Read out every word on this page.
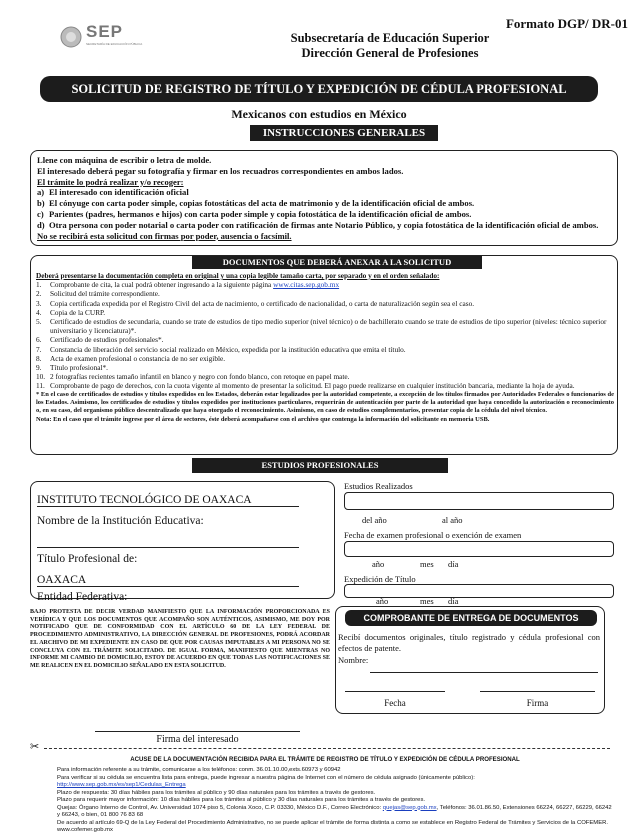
SEP
SECRETARÍA DE EDUCACIÓN PÚBLICA
Formato DGP/ DR-01
Subsecretaría de Educación Superior
Dirección General de Profesiones
SOLICITUD DE REGISTRO DE TÍTULO Y EXPEDICIÓN DE CÉDULA PROFESIONAL
Mexicanos con estudios en México
INSTRUCCIONES GENERALES
Llene con máquina de escribir o letra de molde.
El interesado deberá pegar su fotografía y firmar en los recuadros correspondientes en ambos lados.
El trámite lo podrá realizar y/o recoger:
a) El interesado con identificación oficial
b) El cónyuge con carta poder simple, copias fotostáticas del acta de matrimonio y de la identificación oficial de ambos.
c) Parientes (padres, hermanos e hijos) con carta poder simple y copia fotostática de la identificación oficial de ambos.
d) Otra persona con poder notarial o carta poder con ratificación de firmas ante Notario Público, y copia fotostática de la identificación oficial de ambos.
No se recibirá esta solicitud con firmas por poder, ausencia o facsímil.
DOCUMENTOS QUE DEBERÁ ANEXAR A LA SOLICITUD
Deberá presentarse la documentación completa en original y una copia legible tamaño carta, por separado y en el orden señalado:
1.	Comprobante de cita, la cual podrá obtener ingresando a la siguiente página www.citas.sep.gob.mx
2.	Solicitud del trámite correspondiente.
3.	Copia certificada expedida por el Registro Civil del acta de nacimiento, o certificado de nacionalidad, o carta de naturalización según sea el caso.
4.	Copia de la CURP.
5.	Certificado de estudios de secundaria, cuando se trate de estudios de tipo medio superior (nivel técnico) o de bachillerato cuando se trate de estudios de tipo superior (niveles: técnico superior universitario y licenciatura)*.
6.	Certificado de estudios profesionales*.
7.	Constancia de liberación del servicio social realizado en México, expedida por la institución educativa que emita el título.
8.	Acta de examen profesional o constancia de no ser exigible.
9.	Título profesional*.
10. 2 fotografías recientes tamaño infantil en blanco y negro con fondo blanco, con retoque en papel mate.
11. Comprobante de pago de derechos, con la cuota vigente al momento de presentar la solicitud. El pago puede realizarse en cualquier institución bancaria, mediante la hoja de ayuda.
* En el caso de certificados de estudios y títulos expedidos en los Estados, deberán estar legalizados por la autoridad competente, a excepción de los títulos firmados por Autoridades Federales o funcionarios de los Estados. Asimismo, los certificados de estudios y títulos expedidos por instituciones particulares, requerirán de autenticación por parte de la autoridad que haya concedido la autorización o reconocimiento o, en su caso, del organismo público descentralizado que haya otorgado el reconocimiento. Asimismo, en caso de estudios complementarios, presentar copia de la cédula del nivel técnico.
Nota: En el caso que el trámite ingrese por el área de sectores, éste deberá acompañarse con el archivo que contenga la información del solicitante en memoria USB.
ESTUDIOS PROFESIONALES
INSTITUTO TECNOLÓGICO DE OAXACA
Nombre de la Institución Educativa:
Título Profesional de:
OAXACA
Entidad Federativa:
Estudios Realizados
del año	al año
Fecha de examen profesional o exención de examen
año	mes día
Expedición de Título
año	mes día
BAJO PROTESTA DE DECIR VERDAD MANIFIESTO QUE LA INFORMACIÓN PROPORCIONADA ES VERÍDICA Y QUE LOS DOCUMENTOS QUE ACOMPAÑO SON AUTÉNTICOS, ASIMISMO, ME DOY POR NOTIFICADO QUE DE CONFORMIDAD CON EL ARTÍCULO 60 DE LA LEY FEDERAL DE PROCEDIMIENTO ADMINISTRATIVO, LA DIRECCIÓN GENERAL DE PROFESIONES, PODRÁ ACORDAR EL ARCHIVO DE MI EXPEDIENTE EN CASO DE QUE POR CAUSAS IMPUTABLES A MI PERSONA NO SE CONCLUYA CON EL TRÁMITE SOLICITADO. DE IGUAL FORMA, MANIFIESTO QUE MIENTRAS NO INFORME MI CAMBIO DE DOMICILIO, ESTOY DE ACUERDO EN QUE TODAS LAS NOTIFICACIONES SE ME REALICEN EN EL DOMICILIO SEÑALADO EN ESTA SOLICITUD.
Firma del interesado
COMPROBANTE DE ENTREGA DE DOCUMENTOS
Recibí documentos originales, título registrado y cédula profesional con efectos de patente.
Nombre:
Fecha	Firma
✂
ACUSE DE LA DOCUMENTACIÓN RECIBIDA PARA EL TRÁMITE DE REGISTRO DE TÍTULO Y EXPEDICIÓN DE CÉDULA PROFESIONAL
Para información referente a su trámite, comunicarse a los teléfonos: conm. 36.01.10.00,exts.60973 y 60942
Para verificar si su cédula se encuentra lista para entrega, puede ingresar a nuestra página de Internet con el número de cédula asignado (únicamente público):
http://www.sep.gob.mx/es/sep1/Cedulas_Entrega
Plazo de respuesta: 30 días hábiles para los trámites al público y 90 días naturales para los trámites a través de gestores.
Plazo para requerir mayor información: 10 días hábiles para los trámites al público y 30 días naturales para los trámites a través de gestores.
Quejas: Órgano Interno de Control, Av. Universidad 1074 piso 5, Colonia Xoco, C.P. 03330, México D.F., Correo Electrónico: quejas@sep.gob.mx, Teléfonos: 36.01.86.50, Extensiones 66224, 66227, 66229, 66242 y 66243, o bien, 01 800 76 83 68
De acuerdo al artículo 69-Q de la Ley Federal del Procedimiento Administrativo, no se puede aplicar el trámite de forma distinta a como se establece en Registro Federal de Trámites y Servicios de la COFEMER. www.cofemer.gob.mx
